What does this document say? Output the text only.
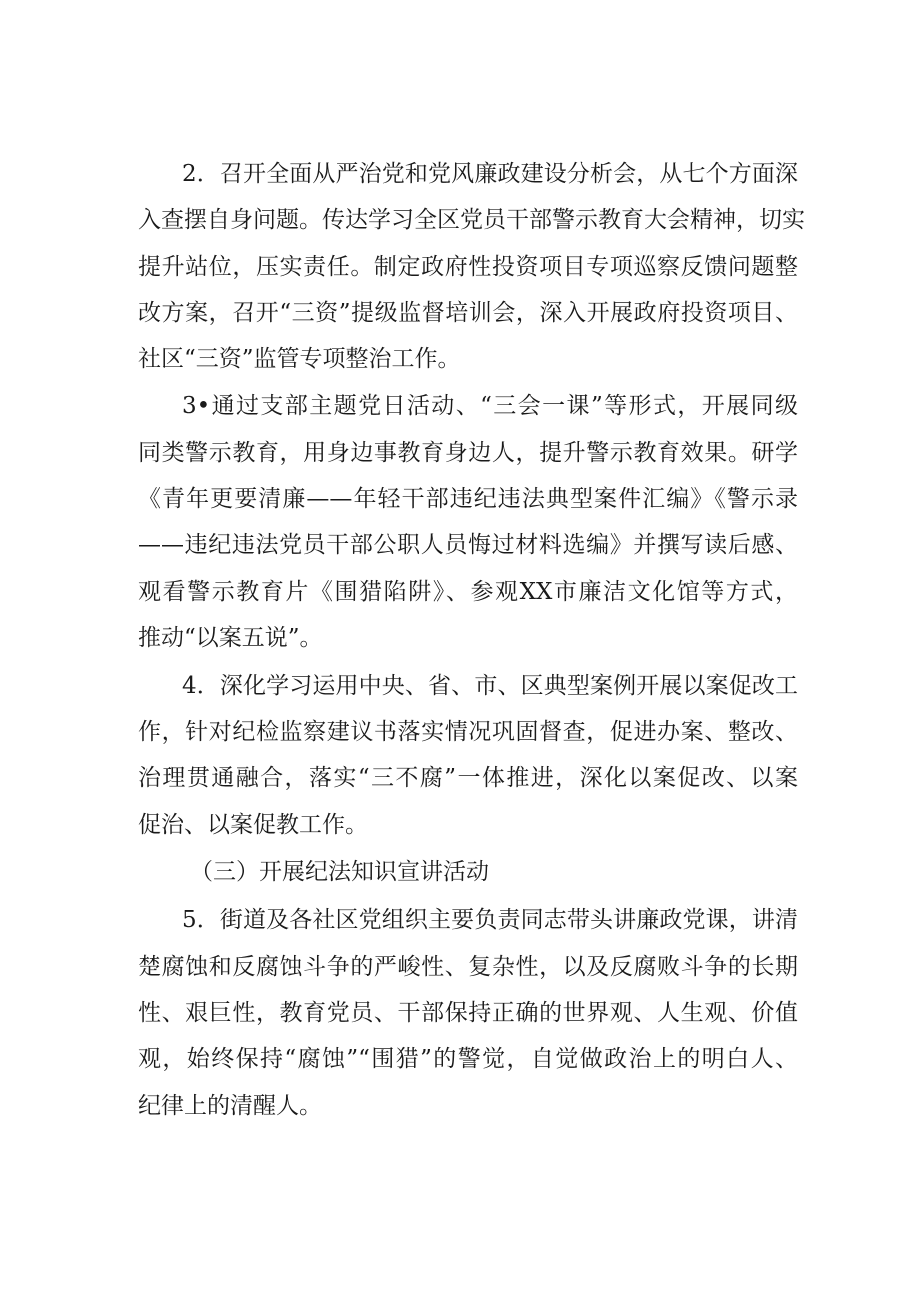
2．召开全面从严治党和党风廉政建设分析会，从七个方面深
入查摆自身问题。传达学习全区党员干部警示教育大会精神，切实
提升站位，压实责任。制定政府性投资项目专项巡察反馈问题整
改方案，召开“三资”提级监督培训会，深入开展政府投资项目、
社区“三资”监管专项整治工作。
3•通过支部主题党日活动、“三会一课”等形式，开展同级
同类警示教育，用身边事教育身边人，提升警示教育效果。研学
《青年更要清廉——年轻干部违纪违法典型案件汇编》《警示录
——违纪违法党员干部公职人员悔过材料选编》并撰写读后感、
观看警示教育片《围猎陷阱》、参观XX市廉洁文化馆等方式，
推动“以案五说”。
4．深化学习运用中央、省、市、区典型案例开展以案促改工
作，针对纪检监察建议书落实情况巩固督查，促进办案、整改、
治理贯通融合，落实“三不腐”一体推进，深化以案促改、以案
促治、以案促教工作。
（三）开展纪法知识宣讲活动
5．街道及各社区党组织主要负责同志带头讲廉政党课，讲清
楚腐蚀和反腐蚀斗争的严峻性、复杂性，以及反腐败斗争的长期
性、艰巨性，教育党员、干部保持正确的世界观、人生观、价值
观，始终保持“腐蚀”“围猎”的警觉，自觉做政治上的明白人、
纪律上的清醒人。
